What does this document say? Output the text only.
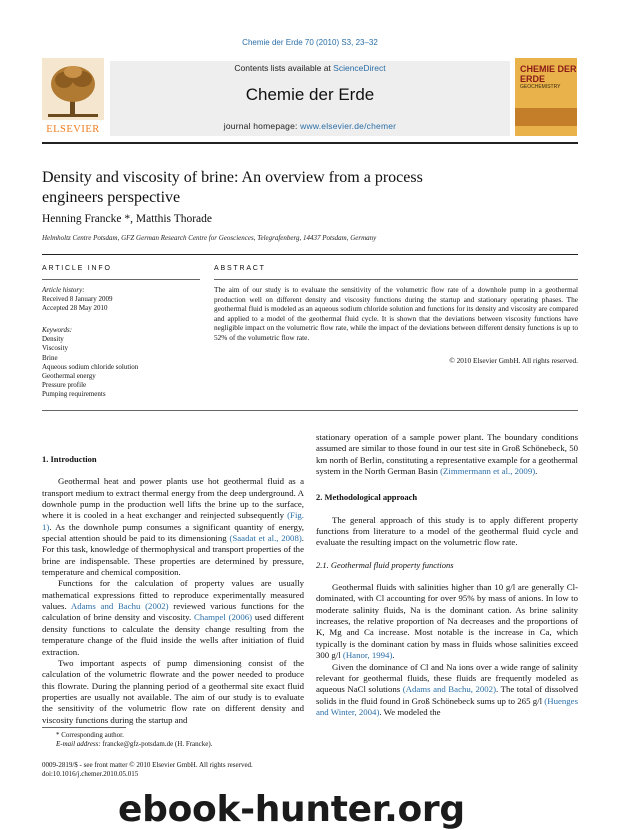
Chemie der Erde 70 (2010) S3, 23–32
Contents lists available at ScienceDirect
Chemie der Erde
journal homepage: www.elsevier.de/chemer
ELSEVIER
CHEMIE DER ERDE
GEOCHEMISTRY
Density and viscosity of brine: An overview from a process engineers perspective
Henning Francke *, Matthis Thorade
Helmholtz Centre Potsdam, GFZ German Research Centre for Geosciences, Telegrafenberg, 14437 Potsdam, Germany
ARTICLE INFO
Article history:
Received 8 January 2009
Accepted 28 May 2010
Keywords:
Density
Viscosity
Brine
Aqueous sodium chloride solution
Geothermal energy
Pressure profile
Pumping requirements
ABSTRACT
The aim of our study is to evaluate the sensitivity of the volumetric flow rate of a downhole pump in a geothermal production well on different density and viscosity functions during the startup and stationary operating phases. The geothermal fluid is modeled as an aqueous sodium chloride solution and functions for its density and viscosity are compared and applied to a model of the geothermal fluid cycle. It is shown that the deviations between viscosity functions have negligible impact on the volumetric flow rate, while the impact of the deviations between different density functions is up to 52% of the volumetric flow rate.
© 2010 Elsevier GmbH. All rights reserved.

1. Introduction

Geothermal heat and power plants use hot geothermal fluid as a transport medium to extract thermal energy from the deep underground. A downhole pump in the production well lifts the brine up to the surface, where it is cooled in a heat exchanger and reinjected subsequently (Fig. 1). As the downhole pump consumes a significant quantity of energy, special attention should be paid to its dimensioning (Saadat et al., 2008). For this task, knowledge of thermophysical and transport properties of the brine are indispensable. These properties are determined by pressure, temperature and chemical composition.

Functions for the calculation of property values are usually mathematical expressions fitted to reproduce experimentally measured values. Adams and Bachu (2002) reviewed various functions for the calculation of brine density and viscosity. Champel (2006) used different density functions to calculate the density change resulting from the temperature change of the fluid inside the wells after initiation of fluid extraction.

Two important aspects of pump dimensioning consist of the calculation of the volumetric flowrate and the power needed to produce this flowrate. During the planning period of a geothermal site exact fluid properties are usually not available. The aim of our study is to evaluate the sensitivity of the volumetric flow rate on different density and viscosity functions during the startup and

stationary operation of a sample power plant. The boundary conditions assumed are similar to those found in our test site in Groß Schönebeck, 50 km north of Berlin, constituting a representative example for a geothermal system in the North German Basin (Zimmermann et al., 2009).

2. Methodological approach

The general approach of this study is to apply different property functions from literature to a model of the geothermal fluid cycle and evaluate the resulting impact on the volumetric flow rate.

2.1. Geothermal fluid property functions

Geothermal fluids with salinities higher than 10 g/l are generally Cl-dominated, with Cl accounting for over 95% by mass of anions. In low to moderate salinity fluids, Na is the dominant cation. As brine salinity increases, the relative proportion of Na decreases and the proportions of K, Mg and Ca increase. Most notable is the increase in Ca, which typically is the dominant cation by mass in fluids whose salinities exceed 300 g/l (Hanor, 1994).

Given the dominance of Cl and Na ions over a wide range of salinity relevant for geothermal fluids, these fluids are frequently modeled as aqueous NaCl solutions (Adams and Bachu, 2002). The total of dissolved solids in the fluid found in Groß Schönebeck sums up to 265 g/l (Huenges and Winter, 2004). We modeled the

* Corresponding author.
E-mail address: francke@gfz-potsdam.de (H. Francke).
0009-2819/$ - see front matter © 2010 Elsevier GmbH. All rights reserved.
doi:10.1016/j.chemer.2010.05.015
ebook-hunter.org
